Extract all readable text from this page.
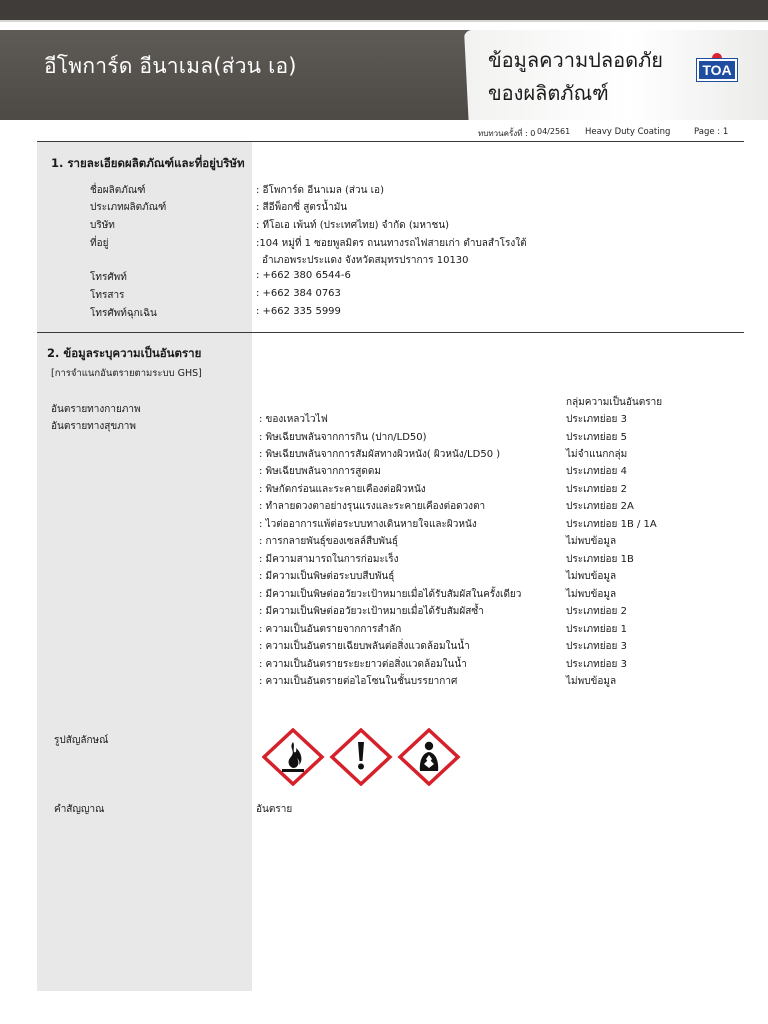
อีโพการ์ด อีนาเมล(ส่วน เอ)	ข้อมูลความปลอดภัย
ของผลิตภัณฑ์
TOA
ทบทวนครั้งที่ : 0 04/2561 Heavy Duty Coating	Page : 1
1. รายละเอียดผลิตภัณฑ์และที่อยู่บริษัท
ชื่อผลิตภัณฑ์	: อีโพการ์ด อีนาเมล (ส่วน เอ)
ประเภทผลิตภัณฑ์	: สีอีพ็อกซี่ สูตรน้ำมัน
บริษัท	: ทีโอเอ เพ้นท์ (ประเทศไทย) จำกัด (มหาชน)
ที่อยู่	:104 หมู่ที่ 1 ซอยพูลมิตร ถนนทางรถไฟสายเก่า ตำบลสำโรงใต้
อำเภอพระประแดง จังหวัดสมุทรปราการ 10130
โทรศัพท์	: +662 380 6544-6
โทรสาร	: +662 384 0763
โทรศัพท์ฉุกเฉิน	: +662 335 5999
2. ข้อมูลระบุความเป็นอันตราย
[การจำแนกอันตรายตามระบบ GHS]
กลุ่มความเป็นอันตราย
อันตรายทางกายภาพ
อันตรายทางสุขภาพ
: ของเหลวไวไฟ	ประเภทย่อย 3
: พิษเฉียบพลันจากการกิน (ปาก/LD50)	ประเภทย่อย 5
: พิษเฉียบพลันจากการสัมผัสทางผิวหนัง( ผิวหนัง/LD50 )	ไม่จำแนกกลุ่ม
: พิษเฉียบพลันจากการสูดดม	ประเภทย่อย 4
: พิษกัดกร่อนและระคายเคืองต่อผิวหนัง	ประเภทย่อย 2
: ทำลายดวงตาอย่างรุนแรงและระคายเคืองต่อดวงตา	ประเภทย่อย 2A
: ไวต่ออาการแพ้ต่อระบบทางเดินหายใจและผิวหนัง	ประเภทย่อย 1B / 1A
: การกลายพันธุ์ของเซลล์สืบพันธุ์	ไม่พบข้อมูล
: มีความสามารถในการก่อมะเร็ง	ประเภทย่อย 1B
: มีความเป็นพิษต่อระบบสืบพันธุ์	ไม่พบข้อมูล
: มีความเป็นพิษต่ออวัยวะเป้าหมายเมื่อได้รับสัมผัสในครั้งเดียว	ไม่พบข้อมูล
: มีความเป็นพิษต่ออวัยวะเป้าหมายเมื่อได้รับสัมผัสซ้ำ	ประเภทย่อย 2
: ความเป็นอันตรายจากการสำลัก	ประเภทย่อย 1
: ความเป็นอันตรายเฉียบพลันต่อสิ่งแวดล้อมในน้ำ	ประเภทย่อย 3
: ความเป็นอันตรายระยะยาวต่อสิ่งแวดล้อมในน้ำ	ประเภทย่อย 3
: ความเป็นอันตรายต่อไอโซนในชั้นบรรยากาศ	ไม่พบข้อมูล
รูปสัญลักษณ์
คำสัญญาณ	อันตราย
